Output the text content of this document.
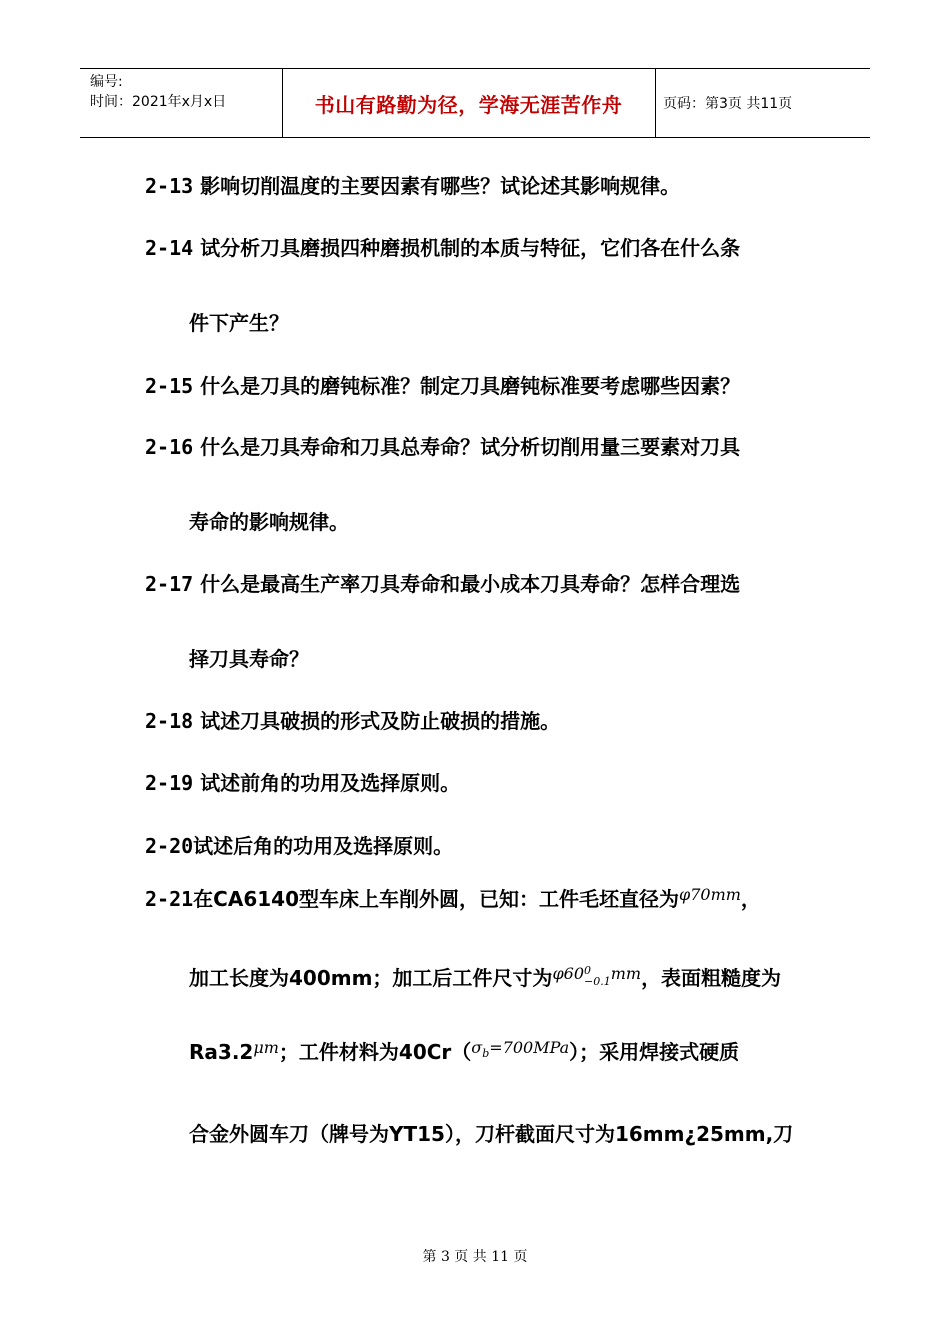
编号:
时间：2021年x月x日	书山有路勤为径，学海无涯苦作舟	页码：第3页 共11页
2-13 影响切削温度的主要因素有哪些？试论述其影响规律。
2-14 试分析刀具磨损四种磨损机制的本质与特征，它们各在什么条
件下产生？
2-15 什么是刀具的磨钝标准？制定刀具磨钝标准要考虑哪些因素？
2-16 什么是刀具寿命和刀具总寿命？试分析切削用量三要素对刀具
寿命的影响规律。
2-17 什么是最高生产率刀具寿命和最小成本刀具寿命？怎样合理选
择刀具寿命？
2-18 试述刀具破损的形式及防止破损的措施。
2-19 试述前角的功用及选择原则。
2-20试述后角的功用及选择原则。
2-21在CA6140型车床上车削外圆，已知：工件毛坯直径为$^{\varphi 70mm}$，
加工长度为400mm；加工后工件尺寸为$^{\varphi 60}$ 0
−0.1 $^{mm}$，表面粗糙度为
$Ra3.2^{\mu m}$；工件材料为40Cr（$^{\sigma_b=700MPa}$）；采用焊接式硬质
合金外圆车刀（牌号为YT15），刀杆截面尺寸为16mm¿25mm,刀
第 3 页 共 11 页
